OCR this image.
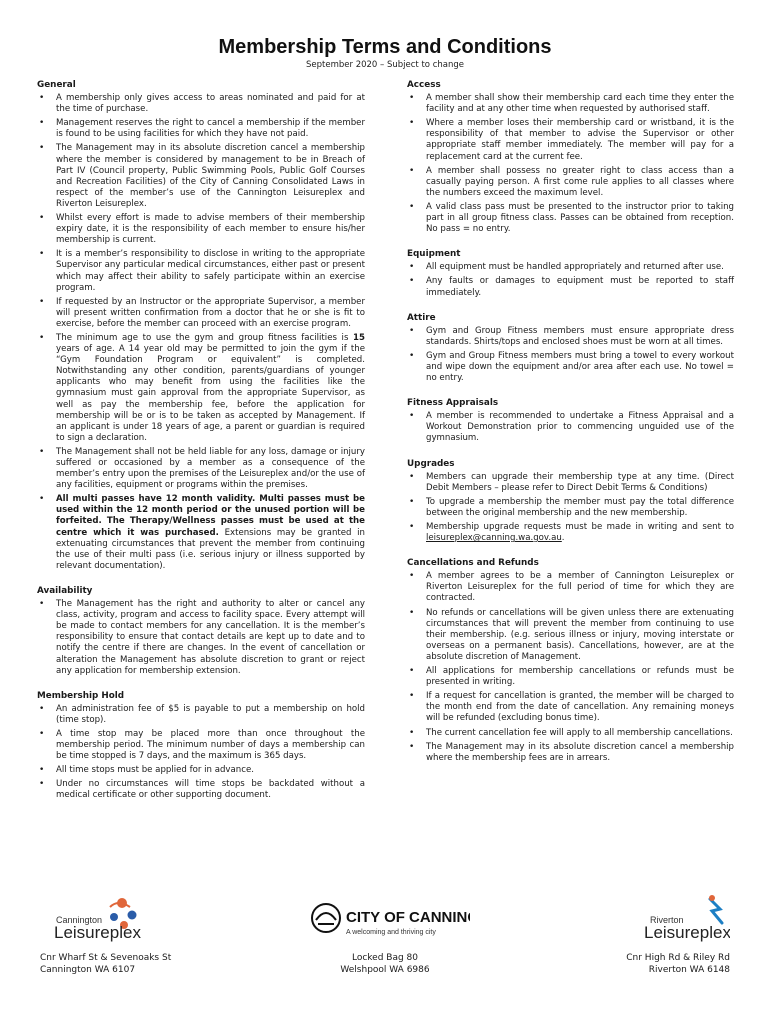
Membership Terms and Conditions
September 2020 – Subject to change
General
• A membership only gives access to areas nominated and paid for at the time of purchase.
• Management reserves the right to cancel a membership if the member is found to be using facilities for which they have not paid.
• The Management may in its absolute discretion cancel a membership where the member is considered by management to be in Breach of Part IV (Council property, Public Swimming Pools, Public Golf Courses and Recreation Facilities) of the City of Canning Consolidated Laws in respect of the member’s use of the Cannington Leisureplex and Riverton Leisureplex.
• Whilst every effort is made to advise members of their membership expiry date, it is the responsibility of each member to ensure his/her membership is current.
• It is a member’s responsibility to disclose in writing to the appropriate Supervisor any particular medical circumstances, either past or present which may affect their ability to safely participate within an exercise program.
• If requested by an Instructor or the appropriate Supervisor, a member will present written confirmation from a doctor that he or she is fit to exercise, before the member can proceed with an exercise program.
• The minimum age to use the gym and group fitness facilities is 15 years of age. A 14 year old may be permitted to join the gym if the “Gym Foundation Program or equivalent” is completed. Notwithstanding any other condition, parents/guardians of younger applicants who may benefit from using the facilities like the gymnasium must gain approval from the appropriate Supervisor, as well as pay the membership fee, before the application for membership will be or is to be taken as accepted by Management. If an applicant is under 18 years of age, a parent or guardian is required to sign a declaration.
• The Management shall not be held liable for any loss, damage or injury suffered or occasioned by a member as a consequence of the member’s entry upon the premises of the Leisureplex and/or the use of any facilities, equipment or programs within the premises.
• All multi passes have 12 month validity. Multi passes must be used within the 12 month period or the unused portion will be forfeited. The Therapy/Wellness passes must be used at the centre which it was purchased. Extensions may be granted in extenuating circumstances that prevent the member from continuing the use of their multi pass (i.e. serious injury or illness supported by relevant documentation).
Availability
• The Management has the right and authority to alter or cancel any class, activity, program and access to facility space. Every attempt will be made to contact members for any cancellation. It is the member’s responsibility to ensure that contact details are kept up to date and to notify the centre if there are changes. In the event of cancellation or alteration the Management has absolute discretion to grant or reject any application for membership extension.
Membership Hold
• An administration fee of $5 is payable to put a membership on hold (time stop).
• A time stop may be placed more than once throughout the membership period. The minimum number of days a membership can be time stopped is 7 days, and the maximum is 365 days.
• All time stops must be applied for in advance.
• Under no circumstances will time stops be backdated without a medical certificate or other supporting document.
Access
• A member shall show their membership card each time they enter the facility and at any other time when requested by authorised staff.
• Where a member loses their membership card or wristband, it is the responsibility of that member to advise the Supervisor or other appropriate staff member immediately. The member will pay for a replacement card at the current fee.
• A member shall possess no greater right to class access than a casually paying person. A first come rule applies to all classes where the numbers exceed the maximum level.
• A valid class pass must be presented to the instructor prior to taking part in all group fitness class. Passes can be obtained from reception. No pass = no entry.
Equipment
• All equipment must be handled appropriately and returned after use.
• Any faults or damages to equipment must be reported to staff immediately.
Attire
• Gym and Group Fitness members must ensure appropriate dress standards. Shirts/tops and enclosed shoes must be worn at all times.
• Gym and Group Fitness members must bring a towel to every workout and wipe down the equipment and/or area after each use. No towel = no entry.
Fitness Appraisals
• A member is recommended to undertake a Fitness Appraisal and a Workout Demonstration prior to commencing unguided use of the gymnasium.
Upgrades
• Members can upgrade their membership type at any time. (Direct Debit Members – please refer to Direct Debit Terms & Conditions)
• To upgrade a membership the member must pay the total difference between the original membership and the new membership.
• Membership upgrade requests must be made in writing and sent to leisureplex@canning.wa.gov.au.
Cancellations and Refunds
• A member agrees to be a member of Cannington Leisureplex or Riverton Leisureplex for the full period of time for which they are contracted.
• No refunds or cancellations will be given unless there are extenuating circumstances that will prevent the member from continuing to use their membership. (e.g. serious illness or injury, moving interstate or overseas on a permanent basis). Cancellations, however, are at the absolute discretion of Management.
• All applications for membership cancellations or refunds must be presented in writing.
• If a request for cancellation is granted, the member will be charged to the month end from the date of cancellation. Any remaining moneys will be refunded (excluding bonus time).
• The current cancellation fee will apply to all membership cancellations.
• The Management may in its absolute discretion cancel a membership where the membership fees are in arrears.
Cannington
Leisureplex
CITY OF CANNING
A welcoming and thriving city
Riverton
Leisureplex
Cnr Wharf St & Sevenoaks St
Cannington WA 6107
Locked Bag 80
Welshpool WA 6986
Cnr High Rd & Riley Rd
Riverton WA 6148
